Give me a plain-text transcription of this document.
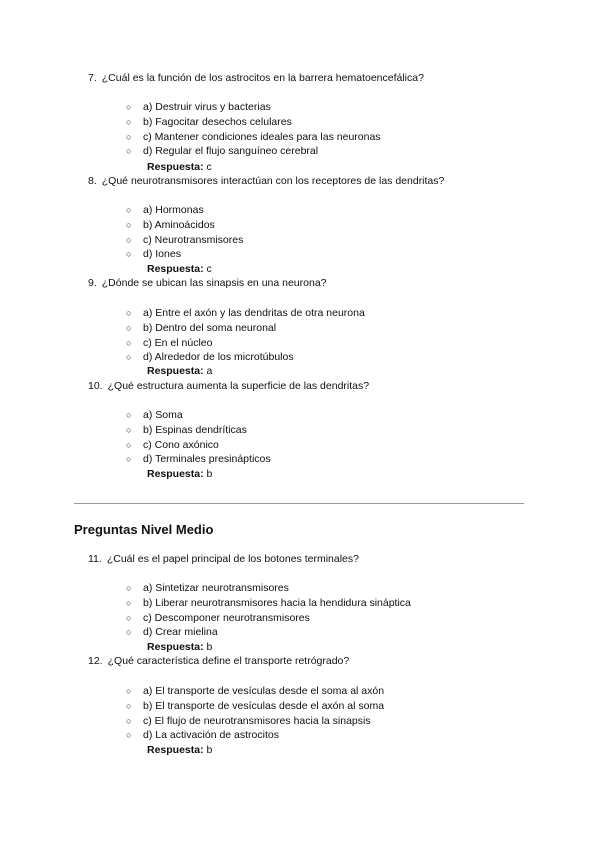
7. ¿Cuál es la función de los astrocitos en la barrera hematoencefálica?
○ a) Destruir virus y bacterias
○ b) Fagocitar desechos celulares
○ c) Mantener condiciones ideales para las neuronas
○ d) Regular el flujo sanguíneo cerebral
Respuesta: c
8. ¿Qué neurotransmisores interactúan con los receptores de las dendritas?
○ a) Hormonas
○ b) Aminoácidos
○ c) Neurotransmisores
○ d) Iones
Respuesta: c
9. ¿Dónde se ubican las sinapsis en una neurona?
○ a) Entre el axón y las dendritas de otra neurona
○ b) Dentro del soma neuronal
○ c) En el núcleo
○ d) Alrededor de los microtúbulos
Respuesta: a
10. ¿Qué estructura aumenta la superficie de las dendritas?
○ a) Soma
○ b) Espinas dendríticas
○ c) Cono axónico
○ d) Terminales presinápticos
Respuesta: b
Preguntas Nivel Medio
11. ¿Cuál es el papel principal de los botones terminales?
○ a) Sintetizar neurotransmisores
○ b) Liberar neurotransmisores hacia la hendidura sináptica
○ c) Descomponer neurotransmisores
○ d) Crear mielina
Respuesta: b
12. ¿Qué característica define el transporte retrógrado?
○ a) El transporte de vesículas desde el soma al axón
○ b) El transporte de vesículas desde el axón al soma
○ c) El flujo de neurotransmisores hacia la sinapsis
○ d) La activación de astrocitos
Respuesta: b
